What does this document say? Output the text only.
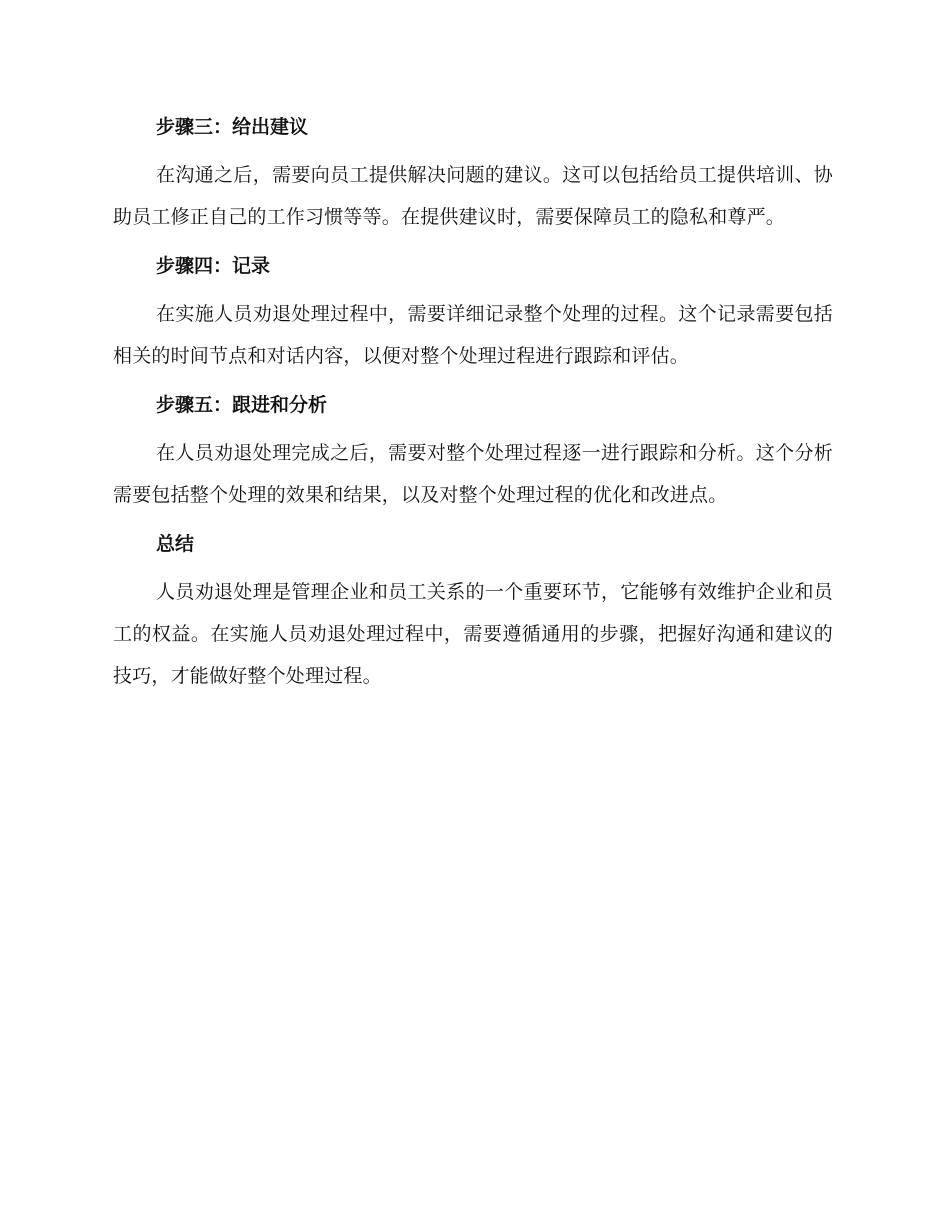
步骤三：给出建议

在沟通之后，需要向员工提供解决问题的建议。这可以包括给员工提供培训、协助员工修正自己的工作习惯等等。在提供建议时，需要保障员工的隐私和尊严。

步骤四：记录

在实施人员劝退处理过程中，需要详细记录整个处理的过程。这个记录需要包括相关的时间节点和对话内容，以便对整个处理过程进行跟踪和评估。

步骤五：跟进和分析

在人员劝退处理完成之后，需要对整个处理过程逐一进行跟踪和分析。这个分析需要包括整个处理的效果和结果，以及对整个处理过程的优化和改进点。

总结

人员劝退处理是管理企业和员工关系的一个重要环节，它能够有效维护企业和员工的权益。在实施人员劝退处理过程中，需要遵循通用的步骤，把握好沟通和建议的技巧，才能做好整个处理过程。
